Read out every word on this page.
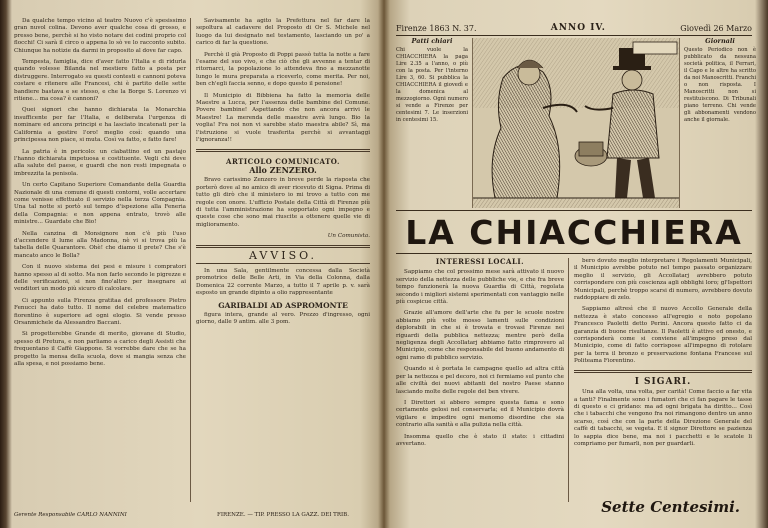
Da qualche tempo vicino al teatro Nuovo c'è spesissimo gran nuvol colina. Devono aver qualche cosa di grosso, e presso bene, perchè si ho visto notare dei codini proprio col flocchi! Ci sarà il circo o appena lo sò ve lo racconto subito. Chiunque ha notizie da darmi in proposito al dove far capo.

Tempesta, famiglia, dice d'aver fatto l'Italia e di ridurla quando volesse Bilanda nel mestiere fatto a posta per distruggere. Interrogato su questi contesti e cannoni poteva costare e ritenere alle Francesi, chi è partito delle sette bandiere bastava e se stesso, e che la Borge S. Lorenzo vi ritiene... ma cosa? è cannoni?

Quei signori che hanno dichiarata la Monarchia insufficente per far l'Italia, e deliberata l'urgenza di nominare ed ancora principi e ha lasciato incatenati per la California a gestire l'oro! meglio così: quando una principessa non piace, si muta. Così va fatto, e fatto fare!

La patria è in pericolo: un ciabattino ed un pastajo l'hanno dichiarata impetuosa e costituente. Vegli chi deve alla salute del paese, e guardi che non resti impegnata o imbrezzita la penisola.

Un certo Capitano Superiore Comandante della Guardia Nazionale di una comune di questi contorni, volle accertare come venisse effettuato il servizio nella terza Compagnia. Una tal notte si portò sul tempo d'ispezione alla Feneria della Compagnia: e non appena entrato, trovò alle ministre... Guardate che Bio!

Nella canzina di Monsignore non c'è più l'uso d'accendere il lume alla Madonna, nè vi si trova più la tabella delle Quarantore. Ohè! che diamo il prete? Che s'è mancato anco le Bolla?

Con il nuovo sistema dei pesi e misure i compratori hanno spesso al di sotto. Ma non farlo secondo le pigrezze e delle verificazioni, si non fino'altro per insegnare ai venditori un modo più sicuro di calcolare.

Ci appunto sulla Firenza gratitaa del professore Pietro Fenucci ha dato tutto. Il nome del celebre matematico fiorentino è superiore ad ogni elogio. Si vende presso Orsanmichele da Alessandro Baccani.

Si progetterebbe Grande di merito, giovane di Studio, spesso di Pretura, e non parliamo a carico degli Assisti che frequentano il Caffè Giappone. Si vorrebbe dare che se ha progetto la mensa della scuola, dove si mangia senza che alla spesa, e noi possiamo bene.

Savisamente ha agito la Prefettura nel far dare la sepoltura al cadavere del Proposto di Or S. Michele nel luogo da lui designato nel testamento, lasciando un po' a carico di far la questione.

Perchè il già Proposto di Poppi passò tutta la notte a fare l'esame del suo vivo, e che ciò che gli avvenne a tentar di ritornarci, la popolazione lo attendeva fino a mezzanotte lungo le mura preparata a riceverlo, come merita. Per noi, ben ch'egli faccia senno, e dopo questo il pensione!

Il Municipio di Bibbiena ha fatto la memoria delle Maestre a Lucca, per l'assenza delle bambine del Comune. Povere bambine! Aspettando che non ancora arrivi le Maestre! La merenda delle maestre avrà lungo. Bio la voglia! Fra noi non vi sarebbe stato maestra abile? Sì, ma l'istruzione si vuole trasferita perchè si avvantaggi l'ignoranza!!

ARTICOLO COMUNICATO.
Allo ZENZERO.

Bravo carissimo Zenzero in breve perde la risposta che porterò dove al no amico di aver ricevuto di Signa. Prima di tutto gli dirò che il ministero io mi trovo a tutto con me regole con onore. L'ufficio Postale della Città di Firenze più di tutta l'amministrazione ha sopportato ogni impegno e queste cose che sono mai riuscite a ottenere quelle vie di miglioramento.

Un Comunista.

AVVISO.

In una Sala, gentilmente concessa dalla Società promotrice delle Belle Arti, in Via della Colonna, dalla Domenica 22 corrente Marzo, a tutto il 7 aprile p. v. sarà esposto un grande dipinto a olio rappresentante

GARIBALDI AD ASPROMONTE

figura intera, grande al vero. Prezzo d'ingresso, ogni giorno, dalle 9 antim. alle 3 pom.

Gerente Responsabile CARLO NANNINI	FIRENZE. — TIP. PRESSO LA GAZZ. DEI TRIB.
Firenze 1863 N. 37.	ANNO IV.	Giovedì 26 Marzo
Patti chiari
Chi vuole la CHIACCHIERA la paga Lire 2.35 a l'anno, o più con la posta. Per l'interno Lire 3, 60. Si pubblica la CHIACCHIERA il giovedì e la domenica al mezzogiorno. Ogni numero si vende a Firenze per centesimi 7. Le inserzioni in centesimi 15.
Giornali
Questo Periodico non è pubblicato da nessuna società politica, il Ferrari, il Capo e le altre ha scritto da noi Manoscritti. Franchi o non risposta. I Manoscritti non si restituiscono. Di Tribunali piano terreno. Chi vende gli abbonamenti vendono anche il giornale.
LA CHIACCHIERA
INTERESSI LOCALI.

Sappiamo che col prossimo mese sarà attivato il nuovo servizio della nettezza delle pubbliche vie, e che fra breve tempo funzionerà la nuova Guardia di Città, regolata secondo i migliori sistemi sperimentati con vantaggio nelle più cospicue città.

Grazie all'amore dell'arte che fu per le scuole nostre abbiamo più volte mosso lamenti sulle condizioni deplorabili in che si è trovata e trovasi Firenze nei riguardi della pubblica nettezza; mentre però della negligenza degli Accollatarj abbiamo fatto rimprovero al Municipio, come che responsabile del buono andamento di ogni ramo di pubblico servizio.

Quando si è portata le campagne quello ad altra città per la nettezza e pel decoro, noi ci fermiamo sul punto che alle civiltà dei nuovi abitanti del nostro Paese stanno lasciando molte delle regole del ben vivere.

I Direttori si abbero sempre questa fama e sono certamente gelosi nel conservarla; ed il Municipio dovrà vigilare e impedire ogni menomo disordine che sia contrario alla sanità e alla pulizia nella città.

Insomma quello che è stato il stato: i cittadini avvertano.

bero dovuto meglio interpretare i Regolamenti Municipali, il Municipio avrebbe potuto nel tempo passato organizzare meglio il servizio, gli Accollatarj avrebbero potuto corrispondere con più coscienza agli obblighi loro; gl'Ispettori Municipali, perchè troppo scarsi di numero, avrebbero dovuto raddoppiare di zelo.

Sappiamo altresì che il nuovo Accollo Generale della nettezza è stato concesso all'egregio e noto popolano Francesco Paoletti detto Perini. Ancora questo fatto ci da garanzia di buone risultanze. Il Paoletti è attivo ed onesto, e corrisponderà come si conviene all'impegno preso dal Municipio, come di fatto corrispose all'impegno di rotolare per la terra il bronzo e preservazione fontana Francese sul Politeama Fiorentino.

I SIGARI.

Una alla volta, una volta, per carità! Come faccio a far vita a tanti? Finalmente sono i fumatori che ci fan pagare le tasse di questo e ci gridano: ma ad ogni brigata ha diritto... Così che i tabacchi che vengono fra noi rimangono dentro un anno scarso, così che con la parte della Direzione Generale del caffè di tabacchi, se vegeta. E il signor Direttore se pazienza lo sappia dice bene, ma noi i pacchetti e le scatole li compriamo per fumarli, non per guardarli.

Sette Centesimi.
